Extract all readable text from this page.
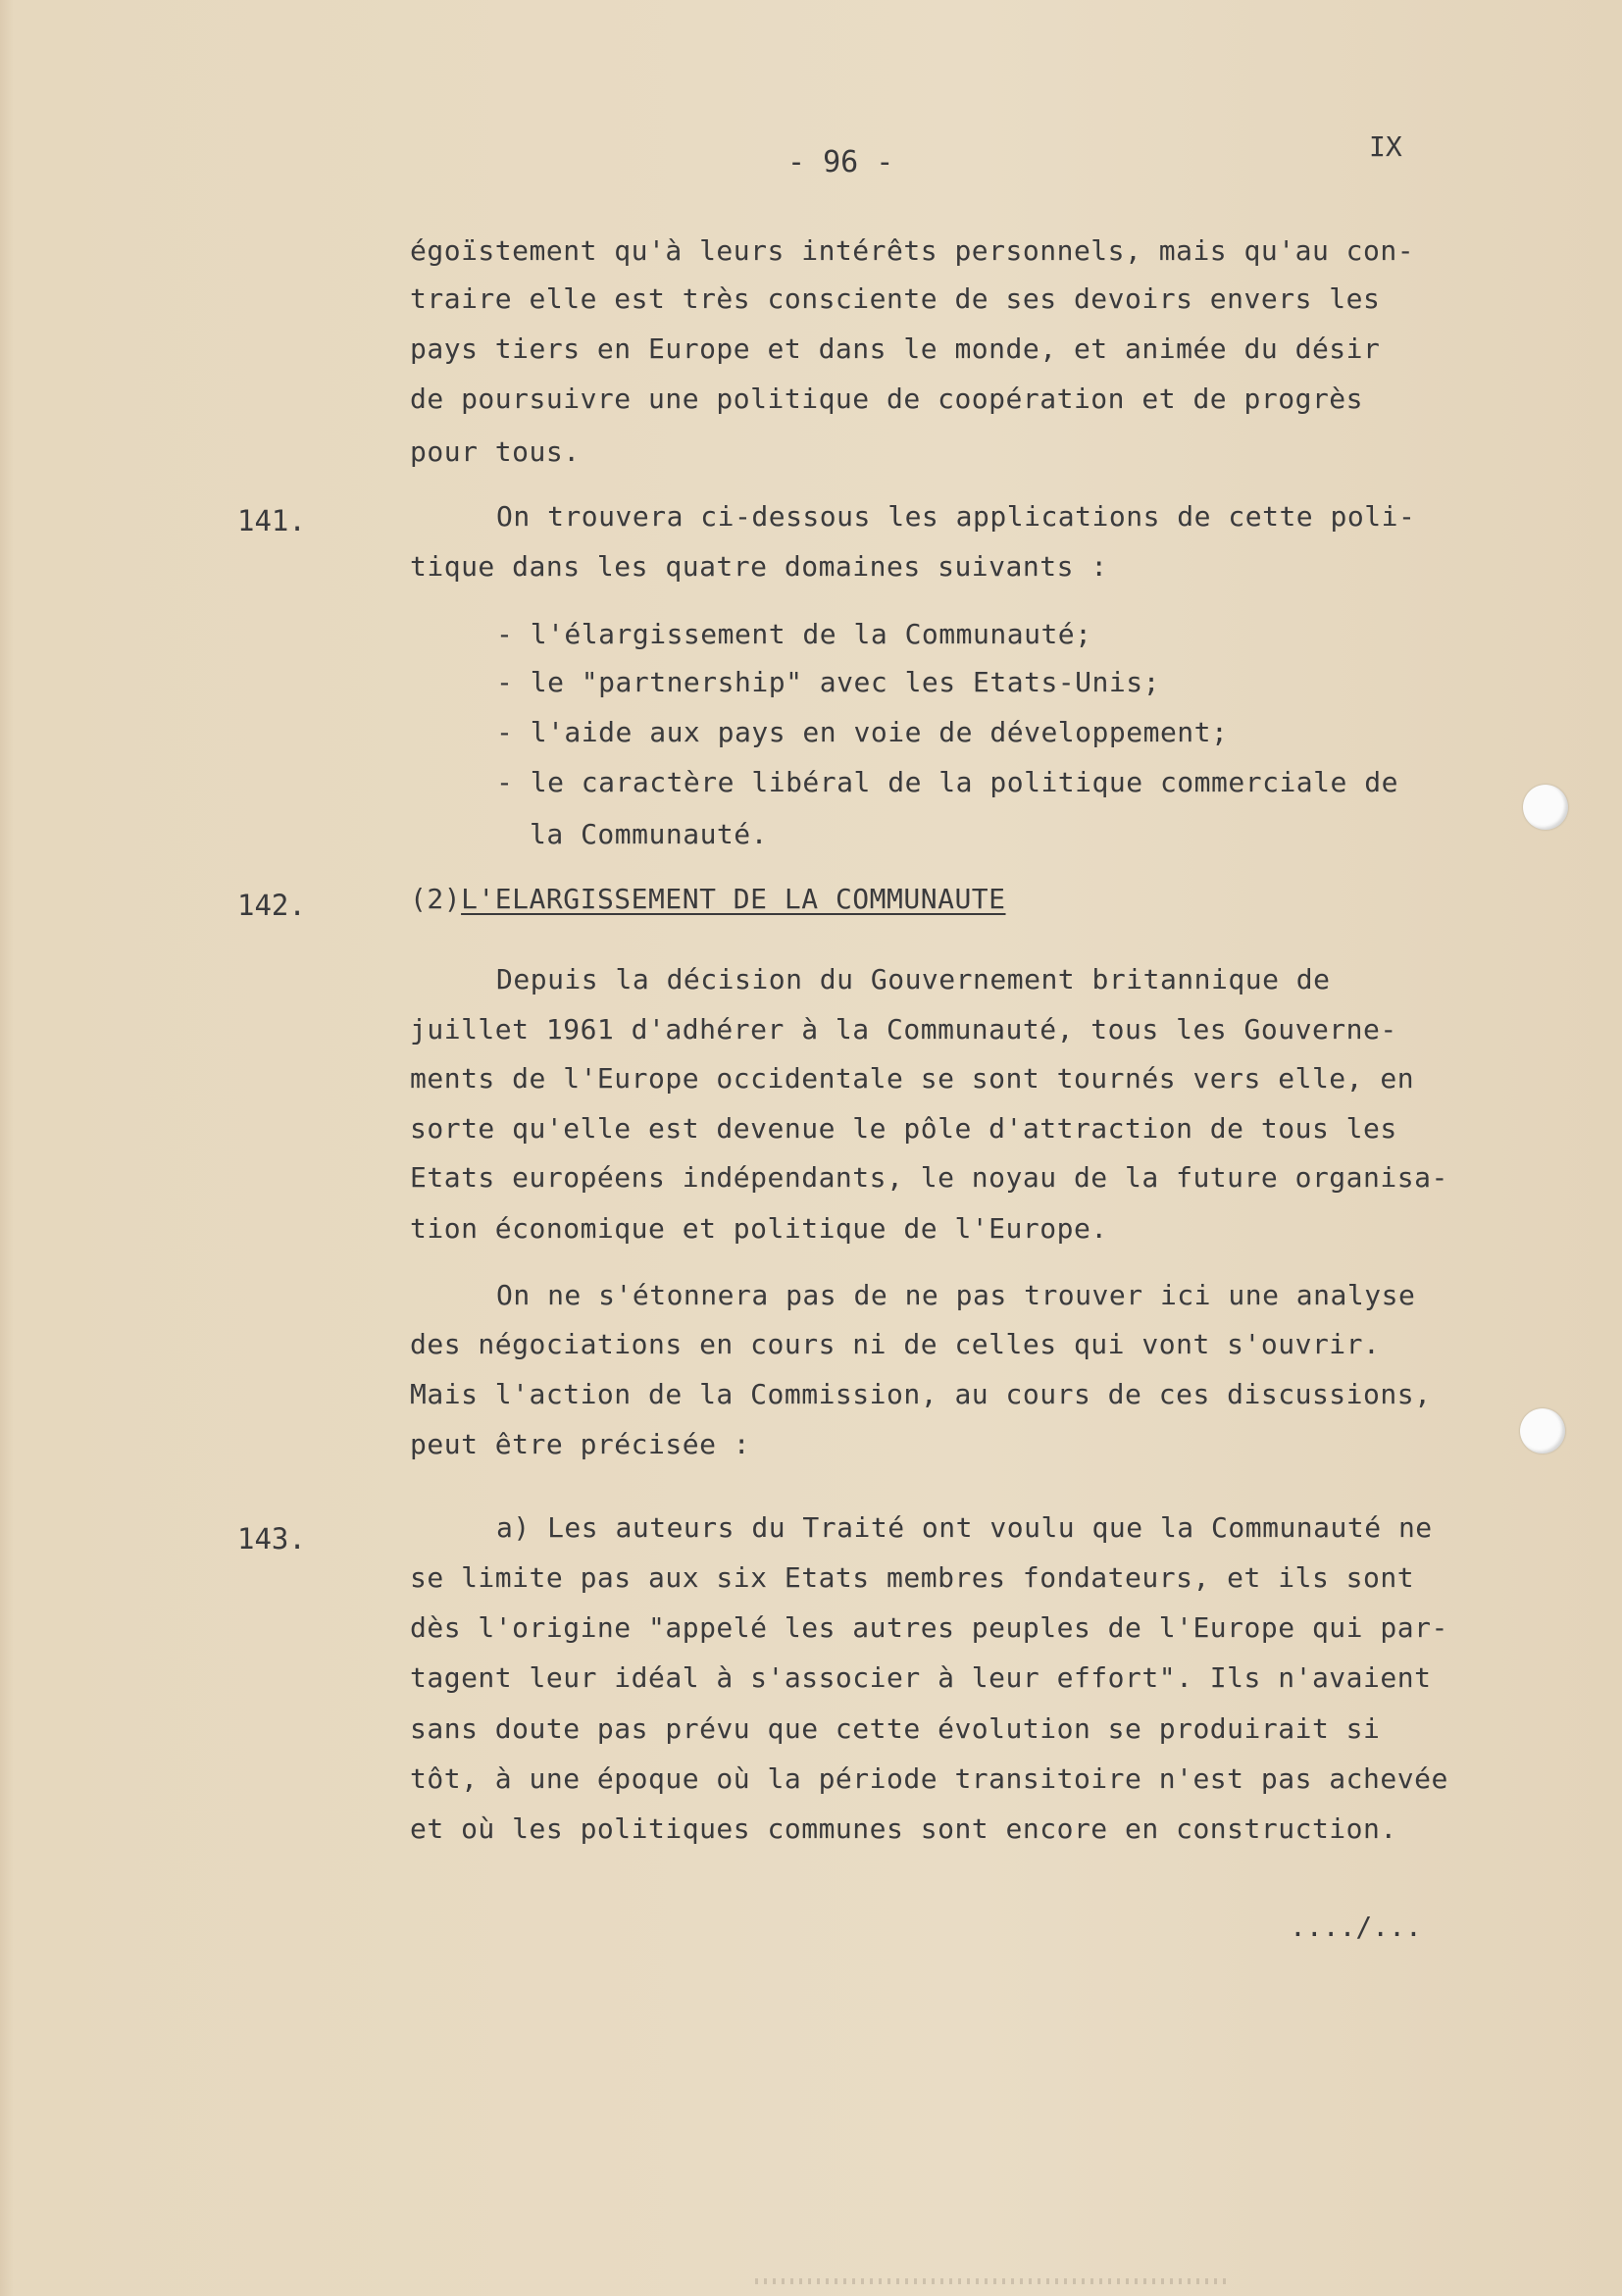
- 96 -	IX
égoïstement qu'à leurs intérêts personnels, mais qu'au con-
traire elle est très consciente de ses devoirs envers les
pays tiers en Europe et dans le monde, et animée du désir
de poursuivre une politique de coopération et de progrès
pour tous.
141.	On trouvera ci-dessous les applications de cette poli-
tique dans les quatre domaines suivants :
- l'élargissement de la Communauté;
- le "partnership" avec les Etats-Unis;
- l'aide aux pays en voie de développement;
- le caractère libéral de la politique commerciale de
la Communauté.
142.	(2)L'ELARGISSEMENT DE LA COMMUNAUTE
Depuis la décision du Gouvernement britannique de
juillet 1961 d'adhérer à la Communauté, tous les Gouverne-
ments de l'Europe occidentale se sont tournés vers elle, en
sorte qu'elle est devenue le pôle d'attraction de tous les
Etats européens indépendants, le noyau de la future organisa-
tion économique et politique de l'Europe.
On ne s'étonnera pas de ne pas trouver ici une analyse
des négociations en cours ni de celles qui vont s'ouvrir.
Mais l'action de la Commission, au cours de ces discussions,
peut être précisée :
143.	a) Les auteurs du Traité ont voulu que la Communauté ne
se limite pas aux six Etats membres fondateurs, et ils sont
dès l'origine "appelé les autres peuples de l'Europe qui par-
tagent leur idéal à s'associer à leur effort". Ils n'avaient
sans doute pas prévu que cette évolution se produirait si
tôt, à une époque où la période transitoire n'est pas achevée
et où les politiques communes sont encore en construction.
..../...
